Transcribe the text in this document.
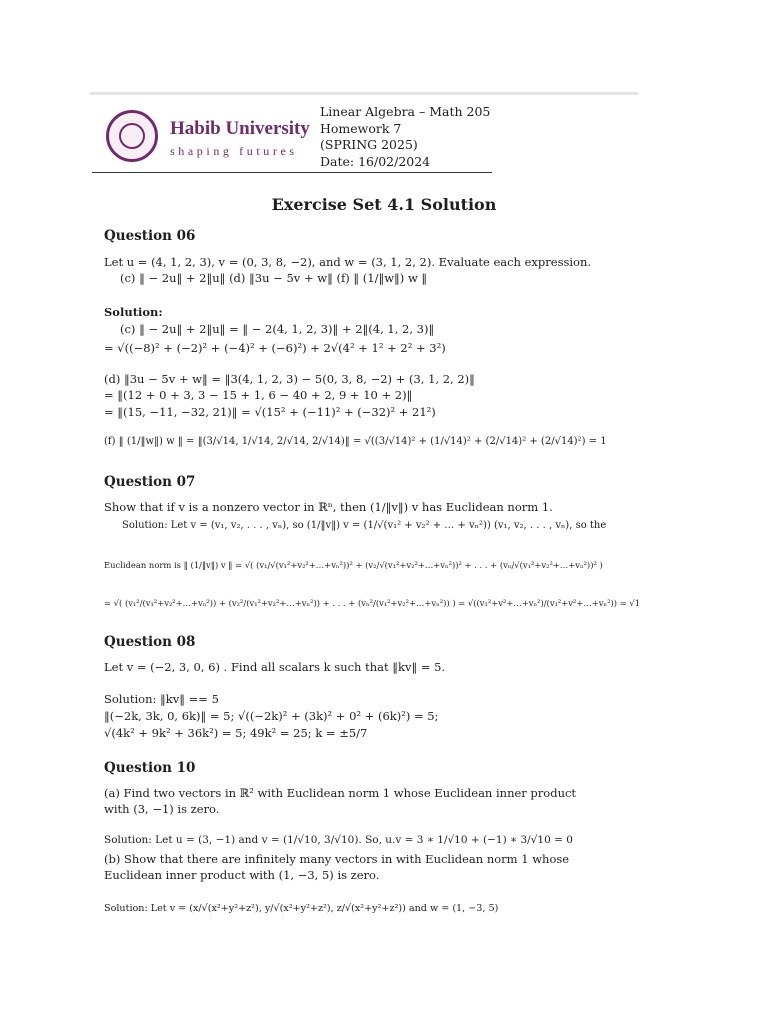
Habib University
shaping futures
Linear Algebra – Math 205
Homework 7
(SPRING 2025)
Date: 16/02/2024
Exercise Set 4.1 Solution
Question 06
Let u = (4, 1, 2, 3), v = (0, 3, 8, −2), and w = (3, 1, 2, 2). Evaluate each expression.
(c) ‖ − 2u‖ + 2‖u‖ (d) ‖3u − 5v + w‖ (f) ‖ (1/‖w‖) w ‖
Solution:
(c) ‖ − 2u‖ + 2‖u‖ = ‖ − 2(4, 1, 2, 3)‖ + 2‖(4, 1, 2, 3)‖
= √((−8)² + (−2)² + (−4)² + (−6)²) + 2√(4² + 1² + 2² + 3²)
(d) ‖3u − 5v + w‖ = ‖3(4, 1, 2, 3) − 5(0, 3, 8, −2) + (3, 1, 2, 2)‖
= ‖(12 + 0 + 3, 3 − 15 + 1, 6 − 40 + 2, 9 + 10 + 2)‖
= ‖(15, −11, −32, 21)‖ = √(15² + (−11)² + (−32)² + 21²)
(f) ‖ (1/‖w‖) w ‖ = ‖(3/√14, 1/√14, 2/√14, 2/√14)‖ = √((3/√14)² + (1/√14)² + (2/√14)² + (2/√14)²) = 1
Question 07
Show that if v is a nonzero vector in ℝⁿ, then (1/‖v‖) v has Euclidean norm 1.
Solution: Let v = (v₁, v₂, . . . , vₙ), so (1/‖v‖) v = (1/√(v₁² + v₂² + … + vₙ²)) (v₁, v₂, . . . , vₙ), so the
Euclidean norm is ‖ (1/‖v‖) v ‖ = √( (v₁/√(v₁²+v₂²+…+vₙ²))² + (v₂/√(v₁²+v₂²+…+vₙ²))² + . . . + (vₙ/√(v₁²+v₂²+…+vₙ²))² )
= √( (v₁²/(v₁²+v₂²+…+vₙ²)) + (v₂²/(v₁²+v₂²+…+vₙ²)) + . . . + (vₙ²/(v₁²+v₂²+…+vₙ²)) ) = √((v₁²+v²+…+vₙ²)/(v₁²+v²+…+vₙ²)) = √1
Question 08
Let v = (−2, 3, 0, 6) . Find all scalars k such that ‖kv‖ = 5.
Solution: ‖kv‖ == 5
‖(−2k, 3k, 0, 6k)‖ = 5; √((−2k)² + (3k)² + 0² + (6k)²) = 5;
√(4k² + 9k² + 36k²) = 5; 49k² = 25; k = ±5/7
Question 10
(a) Find two vectors in ℝ² with Euclidean norm 1 whose Euclidean inner product
with (3, −1) is zero.
Solution: Let u = (3, −1) and v = (1/√10, 3/√10). So, u.v = 3 ∗ 1/√10 + (−1) ∗ 3/√10 = 0
(b) Show that there are infinitely many vectors in with Euclidean norm 1 whose
Euclidean inner product with (1, −3, 5) is zero.
Solution: Let v = (x/√(x²+y²+z²), y/√(x²+y²+z²), z/√(x²+y²+z²)) and w = (1, −3, 5)
